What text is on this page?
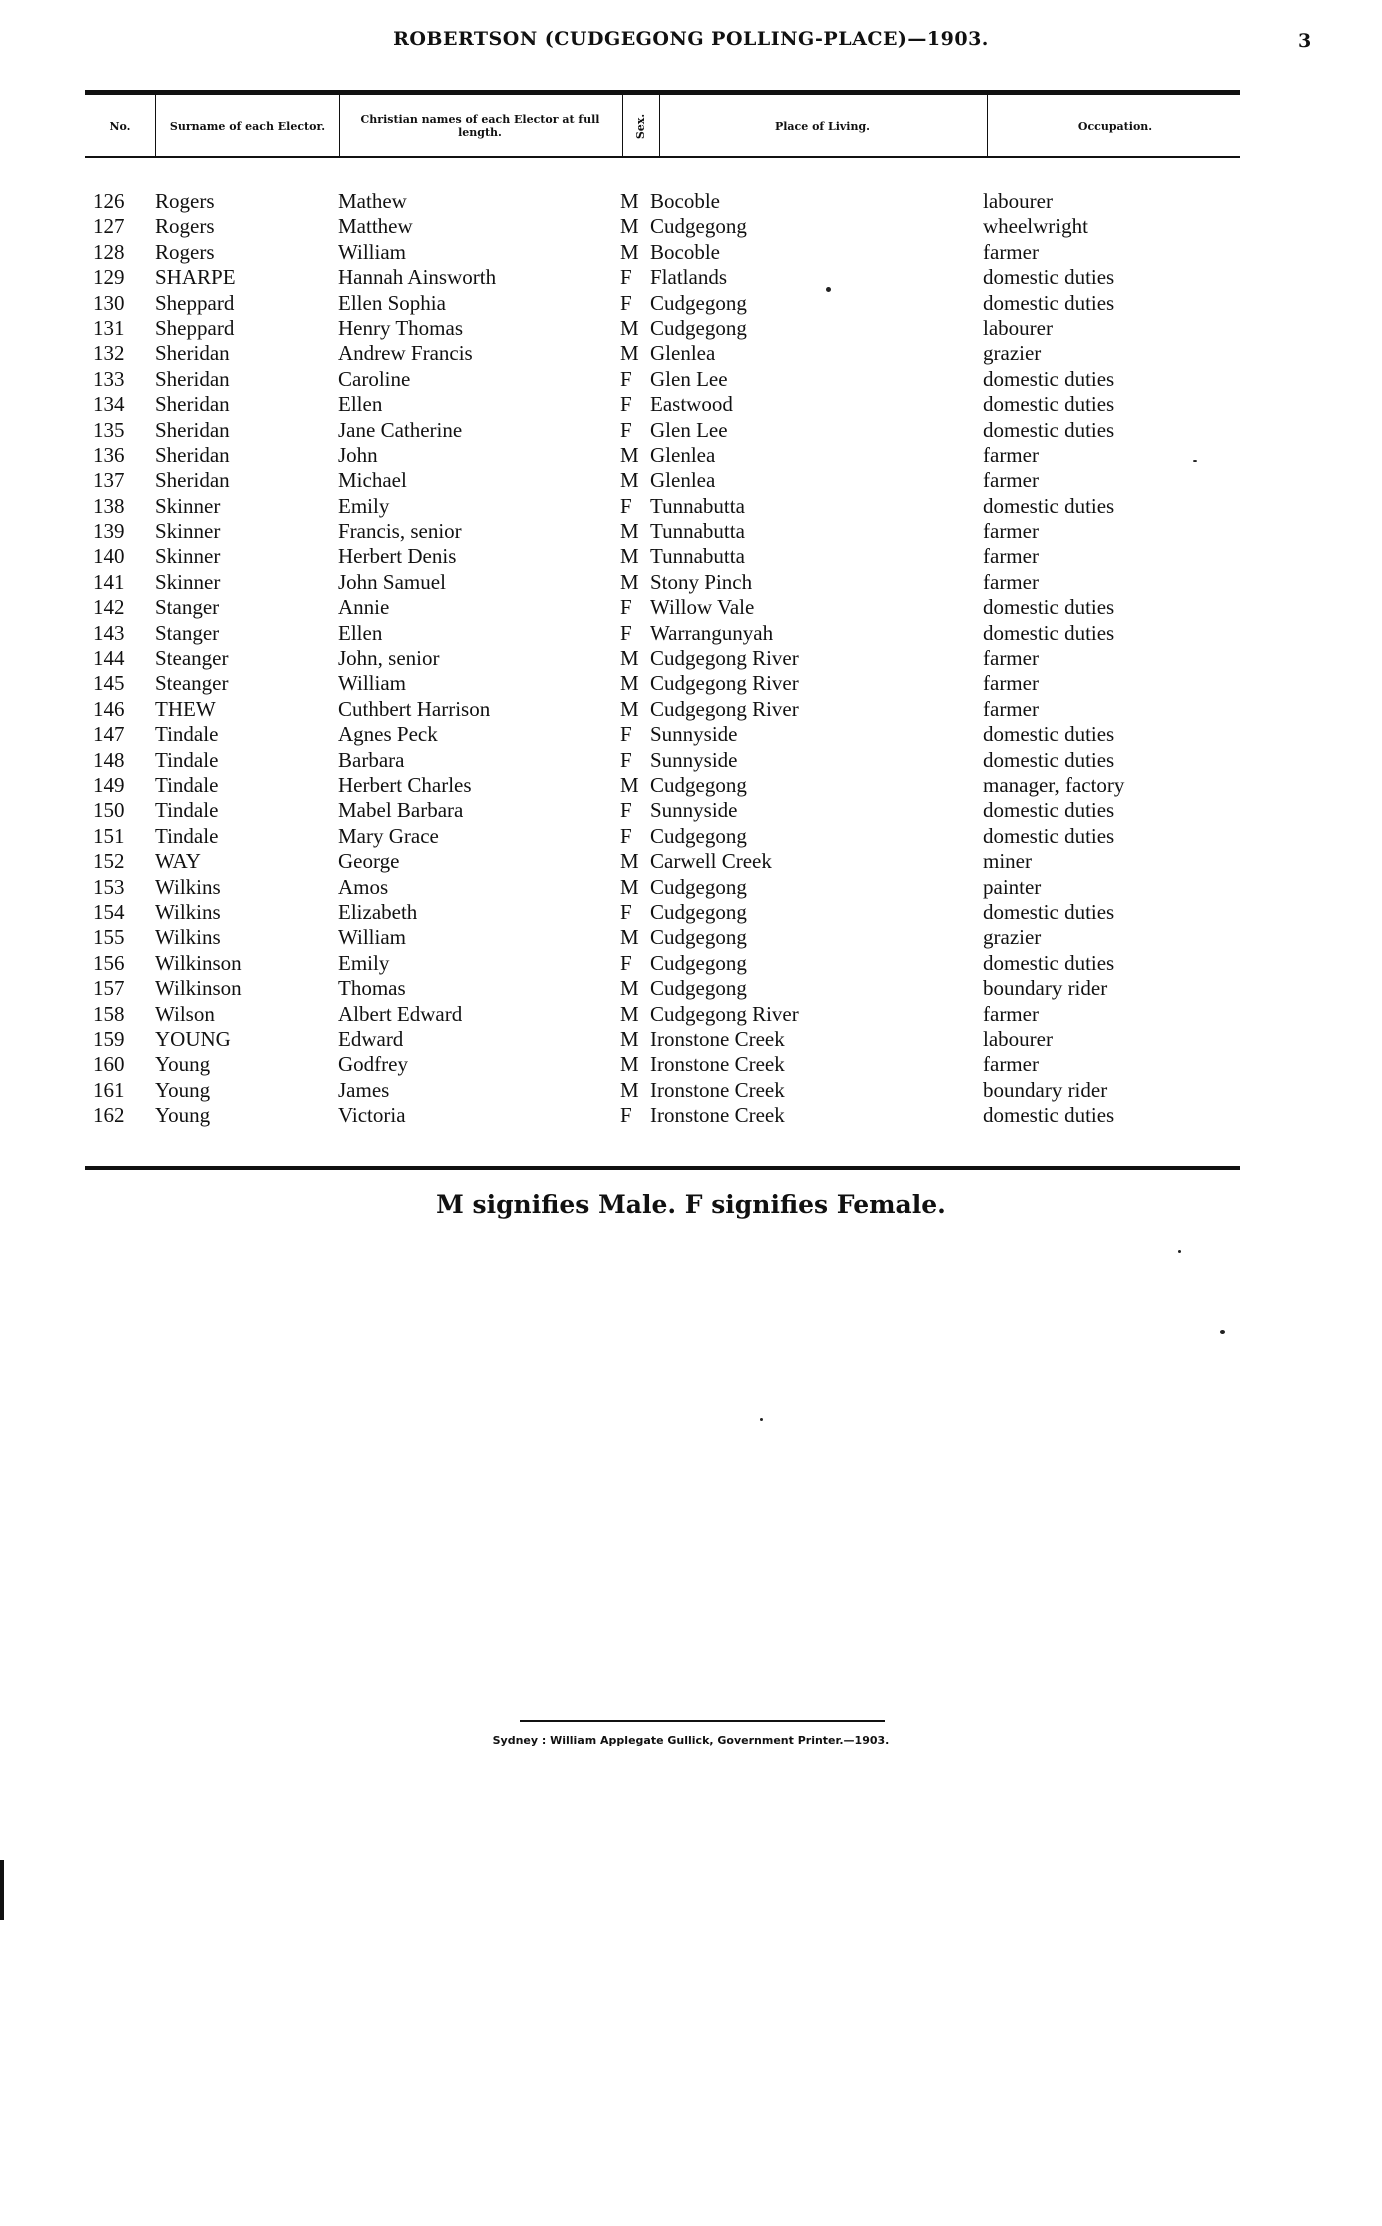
ROBERTSON (CUDGEGONG POLLING-PLACE)—1903.	3
No.	Surname of each Elector.	Christian names of each Elector at full length.	Sex.	Place of Living.	Occupation.
126 Rogers	Mathew	M Bocoble	labourer
127 Rogers	Matthew	M Cudgegong	wheelwright
128 Rogers	William	M Bocoble	farmer
129 SHARPE	Hannah Ainsworth	F Flatlands	domestic duties
130 Sheppard	Ellen Sophia	F Cudgegong	domestic duties
131 Sheppard	Henry Thomas	M Cudgegong	labourer
132 Sheridan	Andrew Francis	M Glenlea	grazier
133 Sheridan	Caroline	F Glen Lee	domestic duties
134 Sheridan	Ellen	F Eastwood	domestic duties
135 Sheridan	Jane Catherine	F Glen Lee	domestic duties
136 Sheridan	John	M Glenlea	farmer
137 Sheridan	Michael	M Glenlea	farmer
138 Skinner	Emily	F Tunnabutta	domestic duties
139 Skinner	Francis, senior	M Tunnabutta	farmer
140 Skinner	Herbert Denis	M Tunnabutta	farmer
141 Skinner	John Samuel	M Stony Pinch	farmer
142 Stanger	Annie	F Willow Vale	domestic duties
143 Stanger	Ellen	F Warrangunyah	domestic duties
144 Steanger	John, senior	M Cudgegong River	farmer
145 Steanger	William	M Cudgegong River	farmer
146 THEW	Cuthbert Harrison	M Cudgegong River	farmer
147 Tindale	Agnes Peck	F Sunnyside	domestic duties
148 Tindale	Barbara	F Sunnyside	domestic duties
149 Tindale	Herbert Charles	M Cudgegong	manager, factory
150 Tindale	Mabel Barbara	F Sunnyside	domestic duties
151 Tindale	Mary Grace	F Cudgegong	domestic duties
152 WAY	George	M Carwell Creek	miner
153 Wilkins	Amos	M Cudgegong	painter
154 Wilkins	Elizabeth	F Cudgegong	domestic duties
155 Wilkins	William	M Cudgegong	grazier
156 Wilkinson	Emily	F Cudgegong	domestic duties
157 Wilkinson	Thomas	M Cudgegong	boundary rider
158 Wilson	Albert Edward	M Cudgegong River	farmer
159 YOUNG	Edward	M Ironstone Creek	labourer
160 Young	Godfrey	M Ironstone Creek	farmer
161 Young	James	M Ironstone Creek	boundary rider
162 Young	Victoria	F Ironstone Creek	domestic duties
M signifies Male. F signifies Female.
Sydney : William Applegate Gullick, Government Printer.—1903.
